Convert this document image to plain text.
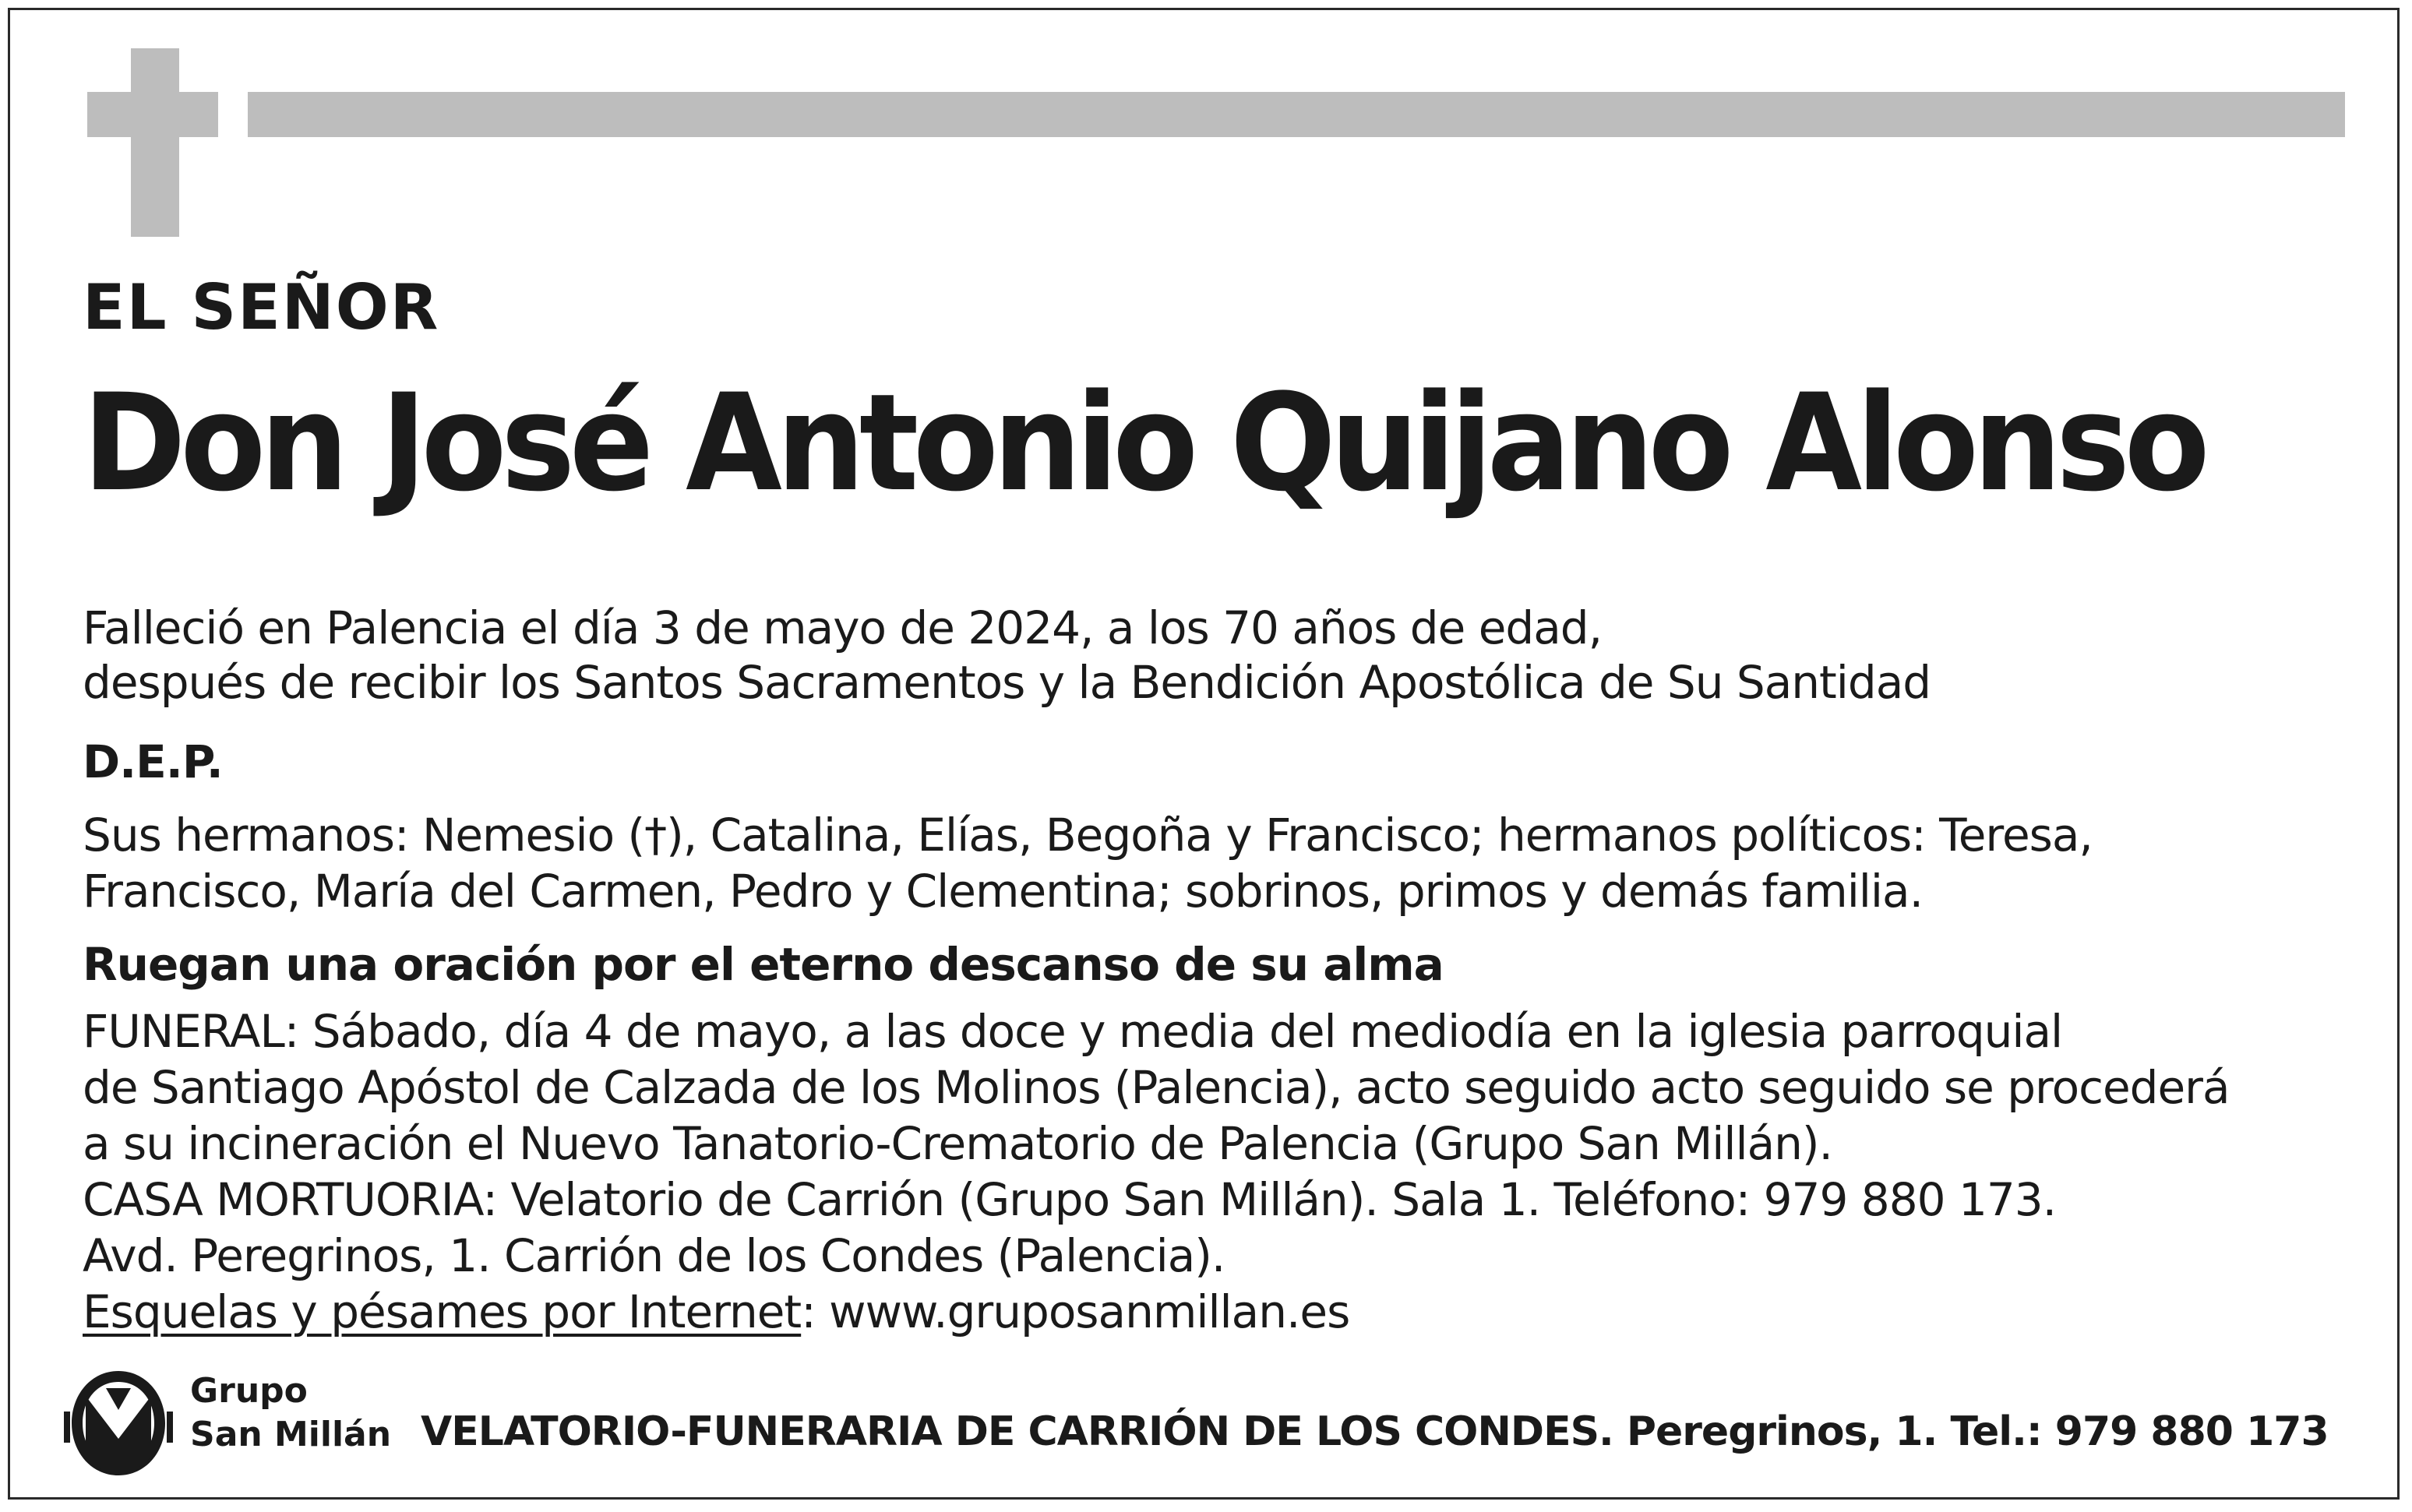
EL SEÑOR
Don José Antonio Quijano Alonso
Falleció en Palencia el día 3 de mayo de 2024, a los 70 años de edad,
después de recibir los Santos Sacramentos y la Bendición Apostólica de Su Santidad
D.E.P.
Sus hermanos: Nemesio (†), Catalina, Elías, Begoña y Francisco; hermanos políticos: Teresa,
Francisco, María del Carmen, Pedro y Clementina; sobrinos, primos y demás familia.
Ruegan una oración por el eterno descanso de su alma
FUNERAL: Sábado, día 4 de mayo, a las doce y media del mediodía en la iglesia parroquial
de Santiago Apóstol de Calzada de los Molinos (Palencia), acto seguido acto seguido se procederá
a su incineración el Nuevo Tanatorio-Crematorio de Palencia (Grupo San Millán).
CASA MORTUORIA: Velatorio de Carrión (Grupo San Millán). Sala 1. Teléfono: 979 880 173.
Avd. Peregrinos, 1. Carrión de los Condes (Palencia).
Esquelas y pésames por Internet: www.gruposanmillan.es
Grupo
San Millán VELATORIO-FUNERARIA DE CARRIÓN DE LOS CONDES. Peregrinos, 1. Tel.: 979 880 173
